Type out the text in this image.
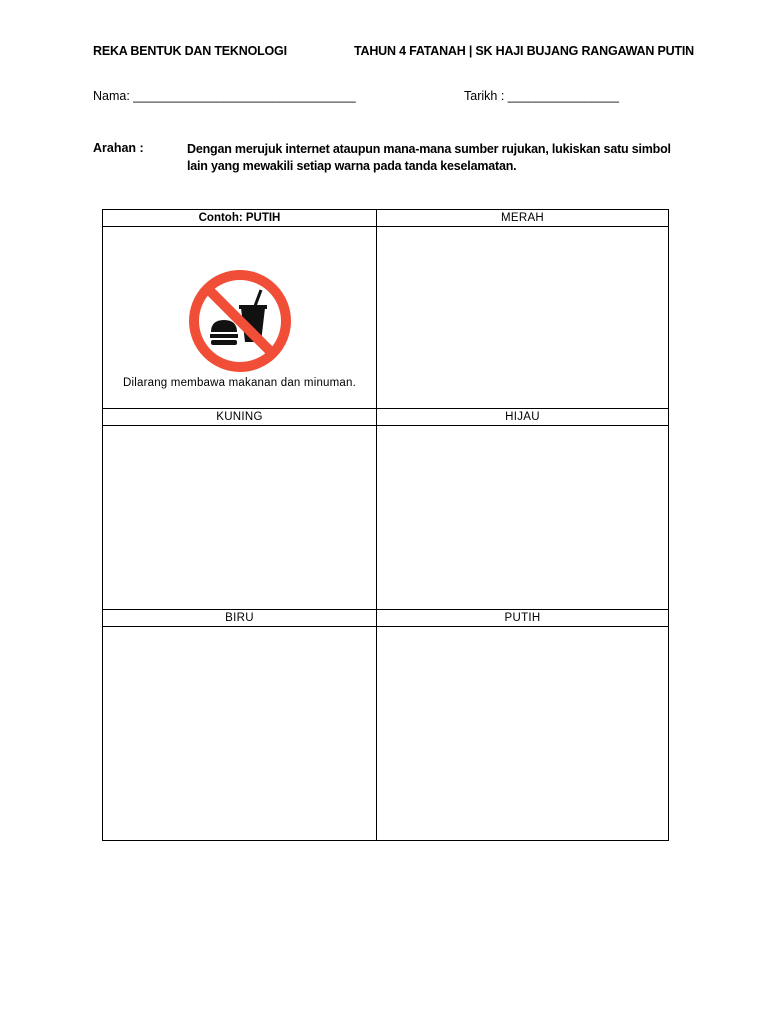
REKA BENTUK DAN TEKNOLOGI	TAHUN 4 FATANAH | SK HAJI BUJANG RANGAWAN PUTIN
Nama: ________________________________	Tarikh : ________________
Arahan :	Dengan merujuk internet ataupun mana-mana sumber rujukan, lukiskan satu simbol lain yang mewakili setiap warna pada tanda keselamatan.
Contoh: PUTIH	MERAH
Dilarang membawa makanan dan minuman.
KUNING	HIJAU
BIRU	PUTIH
